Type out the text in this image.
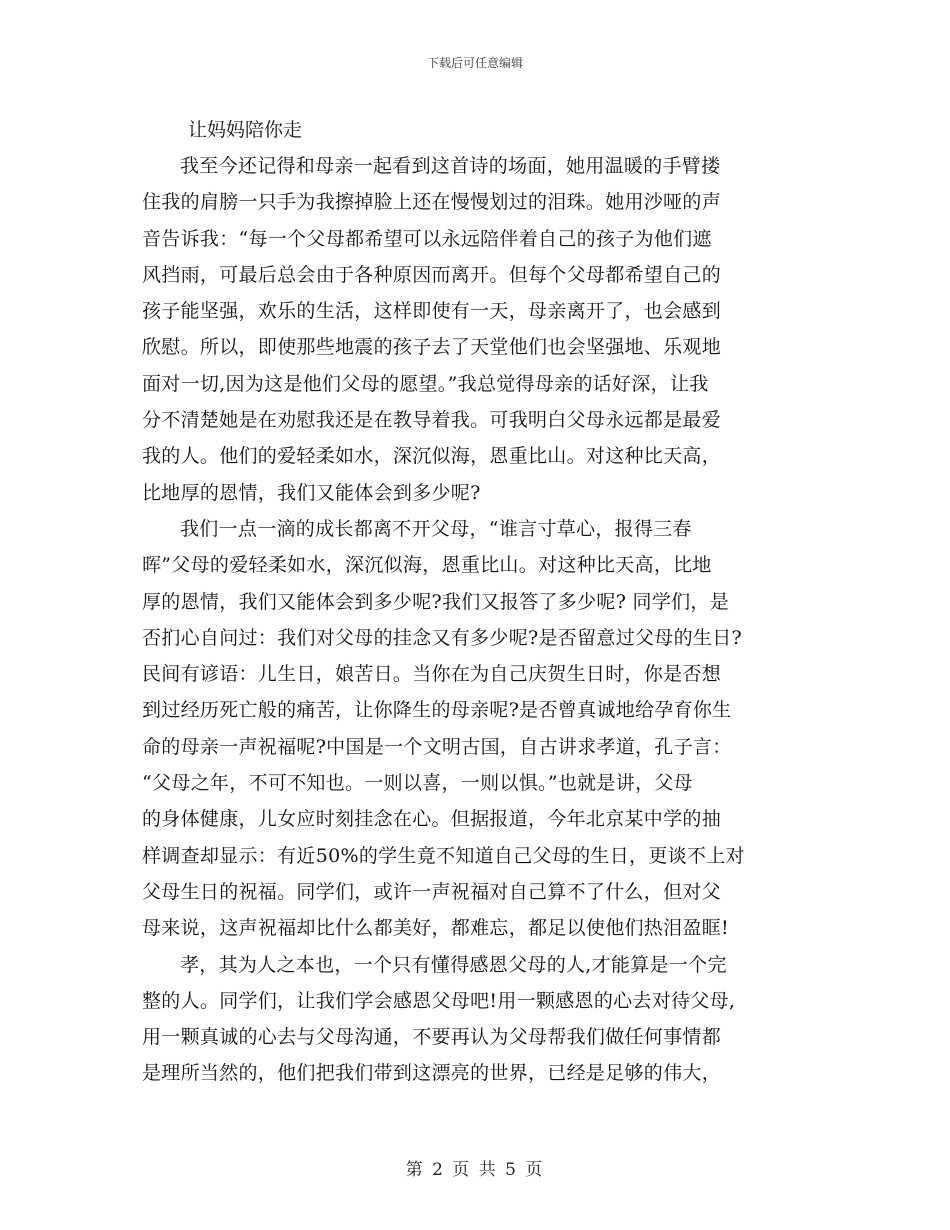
下载后可任意编辑
让妈妈陪你走
我至今还记得和母亲一起看到这首诗的场面，她用温暖的手臂搂
住我的肩膀一只手为我擦掉脸上还在慢慢划过的泪珠。她用沙哑的声
音告诉我：“每一个父母都希望可以永远陪伴着自己的孩子为他们遮
风挡雨，可最后总会由于各种原因而离开。但每个父母都希望自己的
孩子能坚强，欢乐的生活，这样即使有一天，母亲离开了，也会感到
欣慰。所以，即使那些地震的孩子去了天堂他们也会坚强地、乐观地
面对一切,因为这是他们父母的愿望。”我总觉得母亲的话好深，让我
分不清楚她是在劝慰我还是在教导着我。可我明白父母永远都是最爱
我的人。他们的爱轻柔如水，深沉似海，恩重比山。对这种比天高，
比地厚的恩情，我们又能体会到多少呢?
我们一点一滴的成长都离不开父母，“谁言寸草心，报得三春
晖”父母的爱轻柔如水，深沉似海，恩重比山。对这种比天高，比地
厚的恩情，我们又能体会到多少呢?我们又报答了多少呢? 同学们，是
否扪心自问过：我们对父母的挂念又有多少呢?是否留意过父母的生日?
民间有谚语：儿生日，娘苦日。当你在为自己庆贺生日时，你是否想
到过经历死亡般的痛苦，让你降生的母亲呢?是否曾真诚地给孕育你生
命的母亲一声祝福呢?中国是一个文明古国，自古讲求孝道，孔子言：
“父母之年，不可不知也。一则以喜，一则以惧。”也就是讲，父母
的身体健康，儿女应时刻挂念在心。但据报道，今年北京某中学的抽
样调查却显示：有近50%的学生竟不知道自己父母的生日，更谈不上对
父母生日的祝福。同学们，或许一声祝福对自己算不了什么，但对父
母来说，这声祝福却比什么都美好，都难忘，都足以使他们热泪盈眶!
孝，其为人之本也，一个只有懂得感恩父母的人,才能算是一个完
整的人。同学们，让我们学会感恩父母吧!用一颗感恩的心去对待父母,
用一颗真诚的心去与父母沟通，不要再认为父母帮我们做任何事情都
是理所当然的，他们把我们带到这漂亮的世界，已经是足够的伟大，
第 2 页 共 5 页
